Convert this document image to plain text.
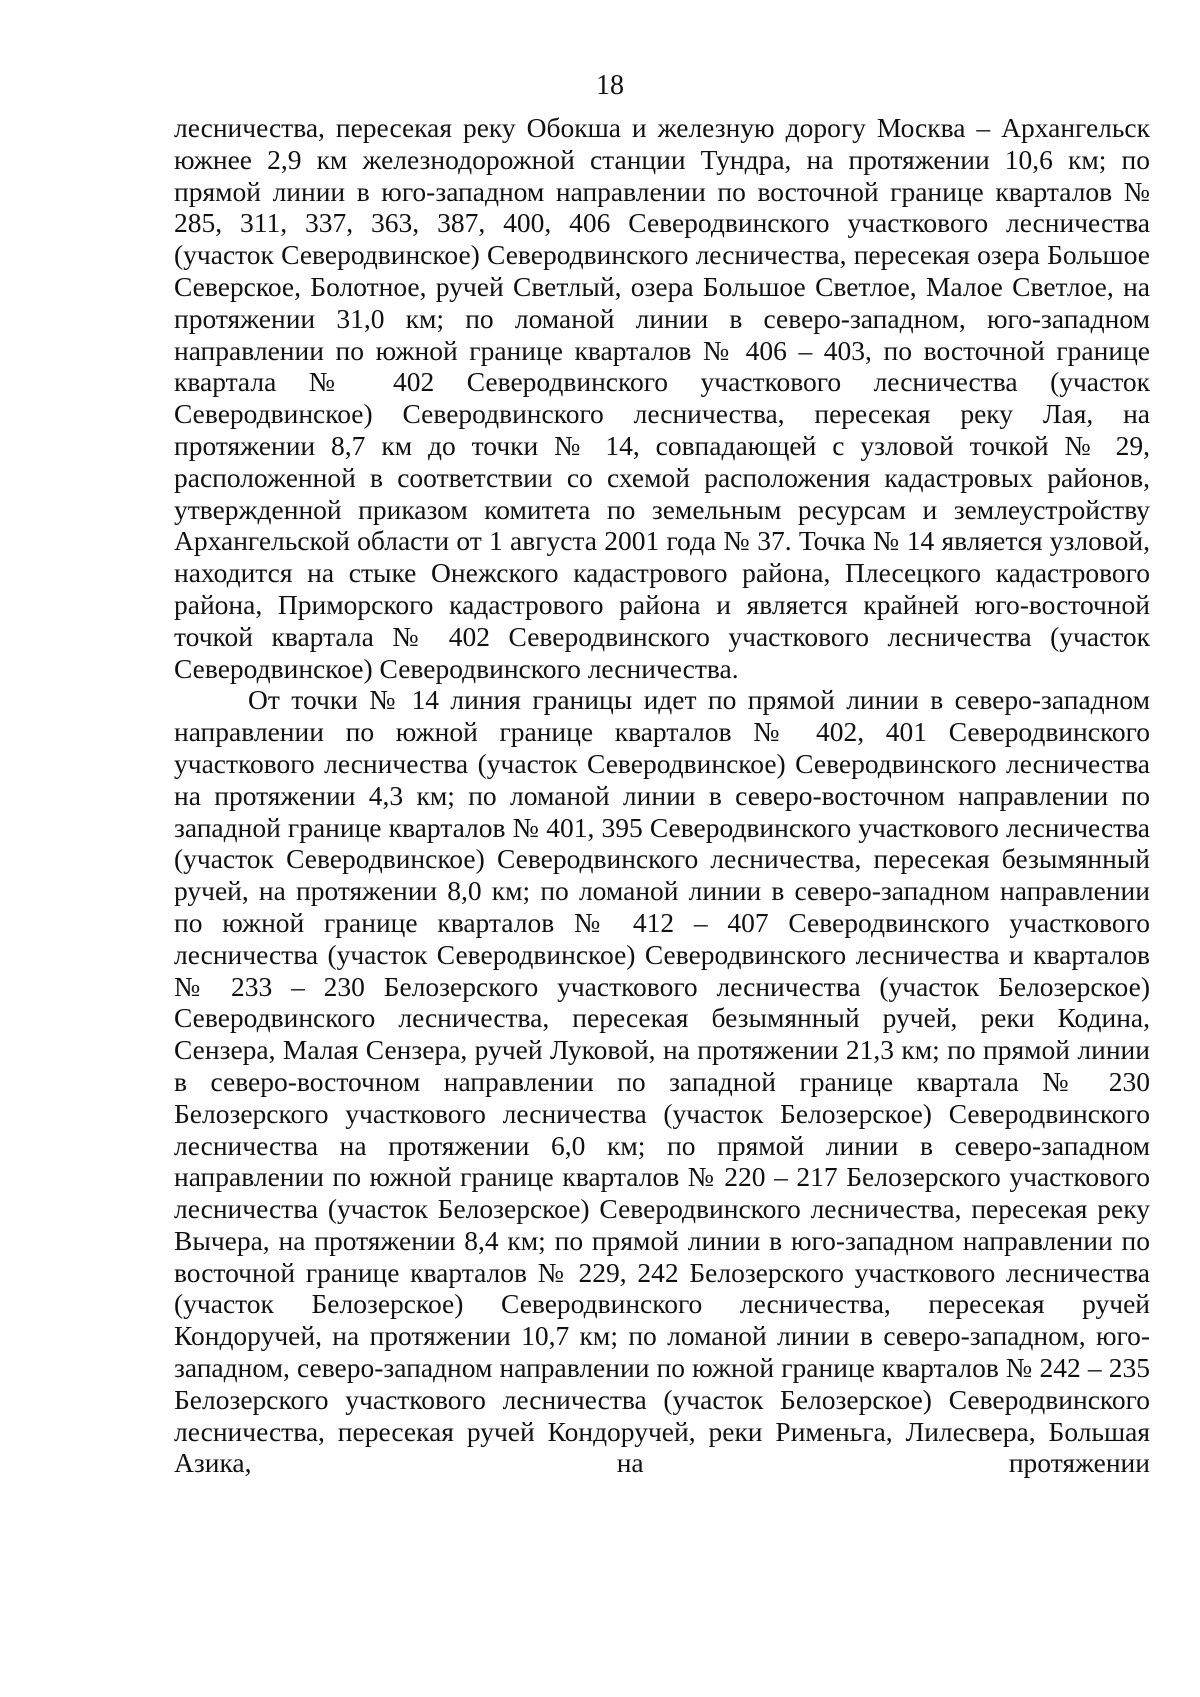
18

лесничества, пересекая реку Обокша и железную дорогу Москва – Архангельск южнее 2,9 км железнодорожной станции Тундра, на протяжении 10,6 км; по прямой линии в юго-западном направлении по восточной границе кварталов № 285, 311, 337, 363, 387, 400, 406 Северодвинского участкового лесничества (участок Северодвинское) Северодвинского лесничества, пересекая озера Большое Северское, Болотное, ручей Светлый, озера Большое Светлое, Малое Светлое, на протяжении 31,0 км; по ломаной линии в северо-западном, юго-западном направлении по южной границе кварталов № 406 – 403, по восточной границе квартала № 402 Северодвинского участкового лесничества (участок Северодвинское) Северодвинского лесничества, пересекая реку Лая, на протяжении 8,7 км до точки № 14, совпадающей с узловой точкой № 29, расположенной в соответствии со схемой расположения кадастровых районов, утвержденной приказом комитета по земельным ресурсам и землеустройству Архангельской области от 1 августа 2001 года № 37. Точка № 14 является узловой, находится на стыке Онежского кадастрового района, Плесецкого кадастрового района, Приморского кадастрового района и является крайней юго-восточной точкой квартала № 402 Северодвинского участкового лесничества (участок Северодвинское) Северодвинского лесничества.

От точки № 14 линия границы идет по прямой линии в северо-западном направлении по южной границе кварталов № 402, 401 Северодвинского участкового лесничества (участок Северодвинское) Северодвинского лесничества на протяжении 4,3 км; по ломаной линии в северо-восточном направлении по западной границе кварталов № 401, 395 Северодвинского участкового лесничества (участок Северодвинское) Северодвинского лесничества, пересекая безымянный ручей, на протяжении 8,0 км; по ломаной линии в северо-западном направлении по южной границе кварталов № 412 – 407 Северодвинского участкового лесничества (участок Северодвинское) Северодвинского лесничества и кварталов № 233 – 230 Белозерского участкового лесничества (участок Белозерское) Северодвинского лесничества, пересекая безымянный ручей, реки Кодина, Сензера, Малая Сензера, ручей Луковой, на протяжении 21,3 км; по прямой линии в северо-восточном направлении по западной границе квартала № 230 Белозерского участкового лесничества (участок Белозерское) Северодвинского лесничества на протяжении 6,0 км; по прямой линии в северо-западном направлении по южной границе кварталов № 220 – 217 Белозерского участкового лесничества (участок Белозерское) Северодвинского лесничества, пересекая реку Вычера, на протяжении 8,4 км; по прямой линии в юго-западном направлении по восточной границе кварталов № 229, 242 Белозерского участкового лесничества (участок Белозерское) Северодвинского лесничества, пересекая ручей Кондоручей, на протяжении 10,7 км; по ломаной линии в северо-западном, юго-западном, северо-западном направлении по южной границе кварталов № 242 – 235 Белозерского участкового лесничества (участок Белозерское) Северодвинского лесничества, пересекая ручей Кондоручей, реки Рименьга, Лилесвера, Большая Азика, на протяжении
